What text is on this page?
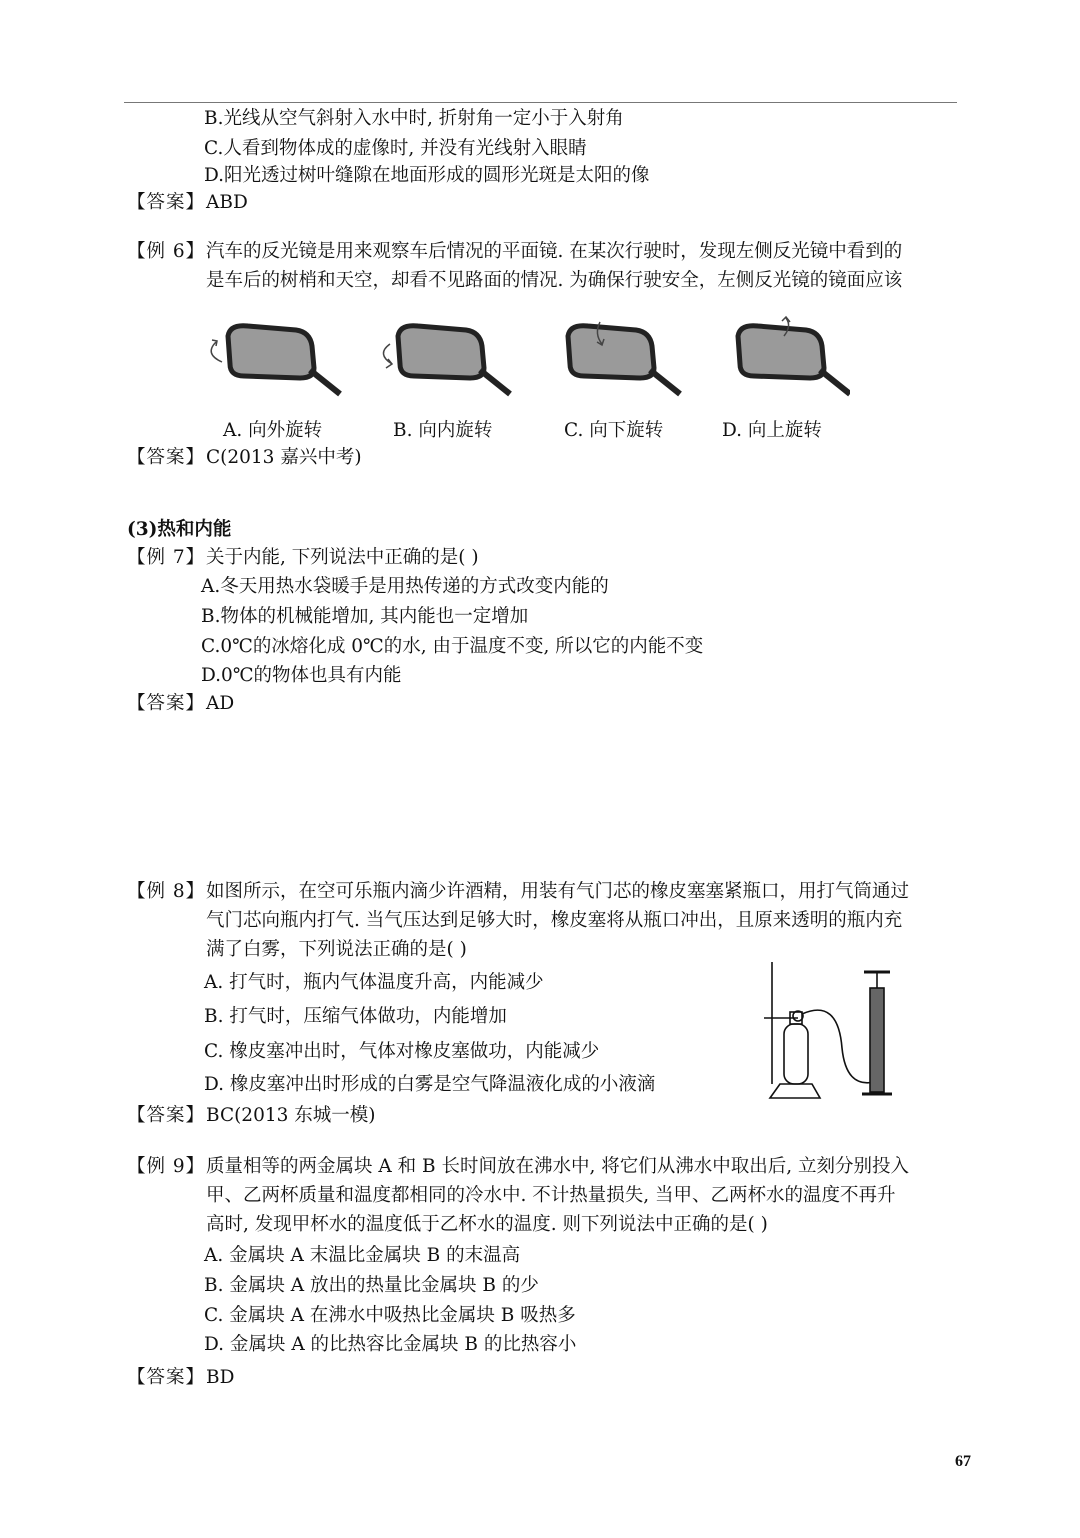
B.光线从空气斜射入水中时, 折射角一定小于入射角
C.人看到物体成的虚像时, 并没有光线射入眼睛
D.阳光透过树叶缝隙在地面形成的圆形光斑是太阳的像
【答案】 ABD
【例 6】 汽车的反光镜是用来观察车后情况的平面镜. 在某次行驶时，发现左侧反光镜中看到的
是车后的树梢和天空，却看不见路面的情况. 为确保行驶安全，左侧反光镜的镜面应该
A. 向外旋转	B. 向内旋转	C. 向下旋转	D. 向上旋转
【答案】 C(2013 嘉兴中考)
(3)热和内能
【例 7】 关于内能, 下列说法中正确的是( )
A.冬天用热水袋暖手是用热传递的方式改变内能的
B.物体的机械能增加, 其内能也一定增加
C.0℃的冰熔化成 0℃的水, 由于温度不变, 所以它的内能不变
D.0℃的物体也具有内能
【答案】 AD
【例 8】 如图所示，在空可乐瓶内滴少许酒精，用装有气门芯的橡皮塞塞紧瓶口，用打气筒通过
气门芯向瓶内打气. 当气压达到足够大时，橡皮塞将从瓶口冲出，且原来透明的瓶内充
满了白雾，下列说法正确的是( )
A. 打气时，瓶内气体温度升高，内能减少
B. 打气时，压缩气体做功，内能增加
C. 橡皮塞冲出时，气体对橡皮塞做功，内能减少
D. 橡皮塞冲出时形成的白雾是空气降温液化成的小液滴
【答案】 BC(2013 东城一模)
【例 9】 质量相等的两金属块 A 和 B 长时间放在沸水中, 将它们从沸水中取出后, 立刻分别投入
甲、乙两杯质量和温度都相同的冷水中. 不计热量损失, 当甲、乙两杯水的温度不再升
高时, 发现甲杯水的温度低于乙杯水的温度. 则下列说法中正确的是( )
A. 金属块 A 末温比金属块 B 的末温高
B. 金属块 A 放出的热量比金属块 B 的少
C. 金属块 A 在沸水中吸热比金属块 B 吸热多
D. 金属块 A 的比热容比金属块 B 的比热容小
【答案】 BD
67
